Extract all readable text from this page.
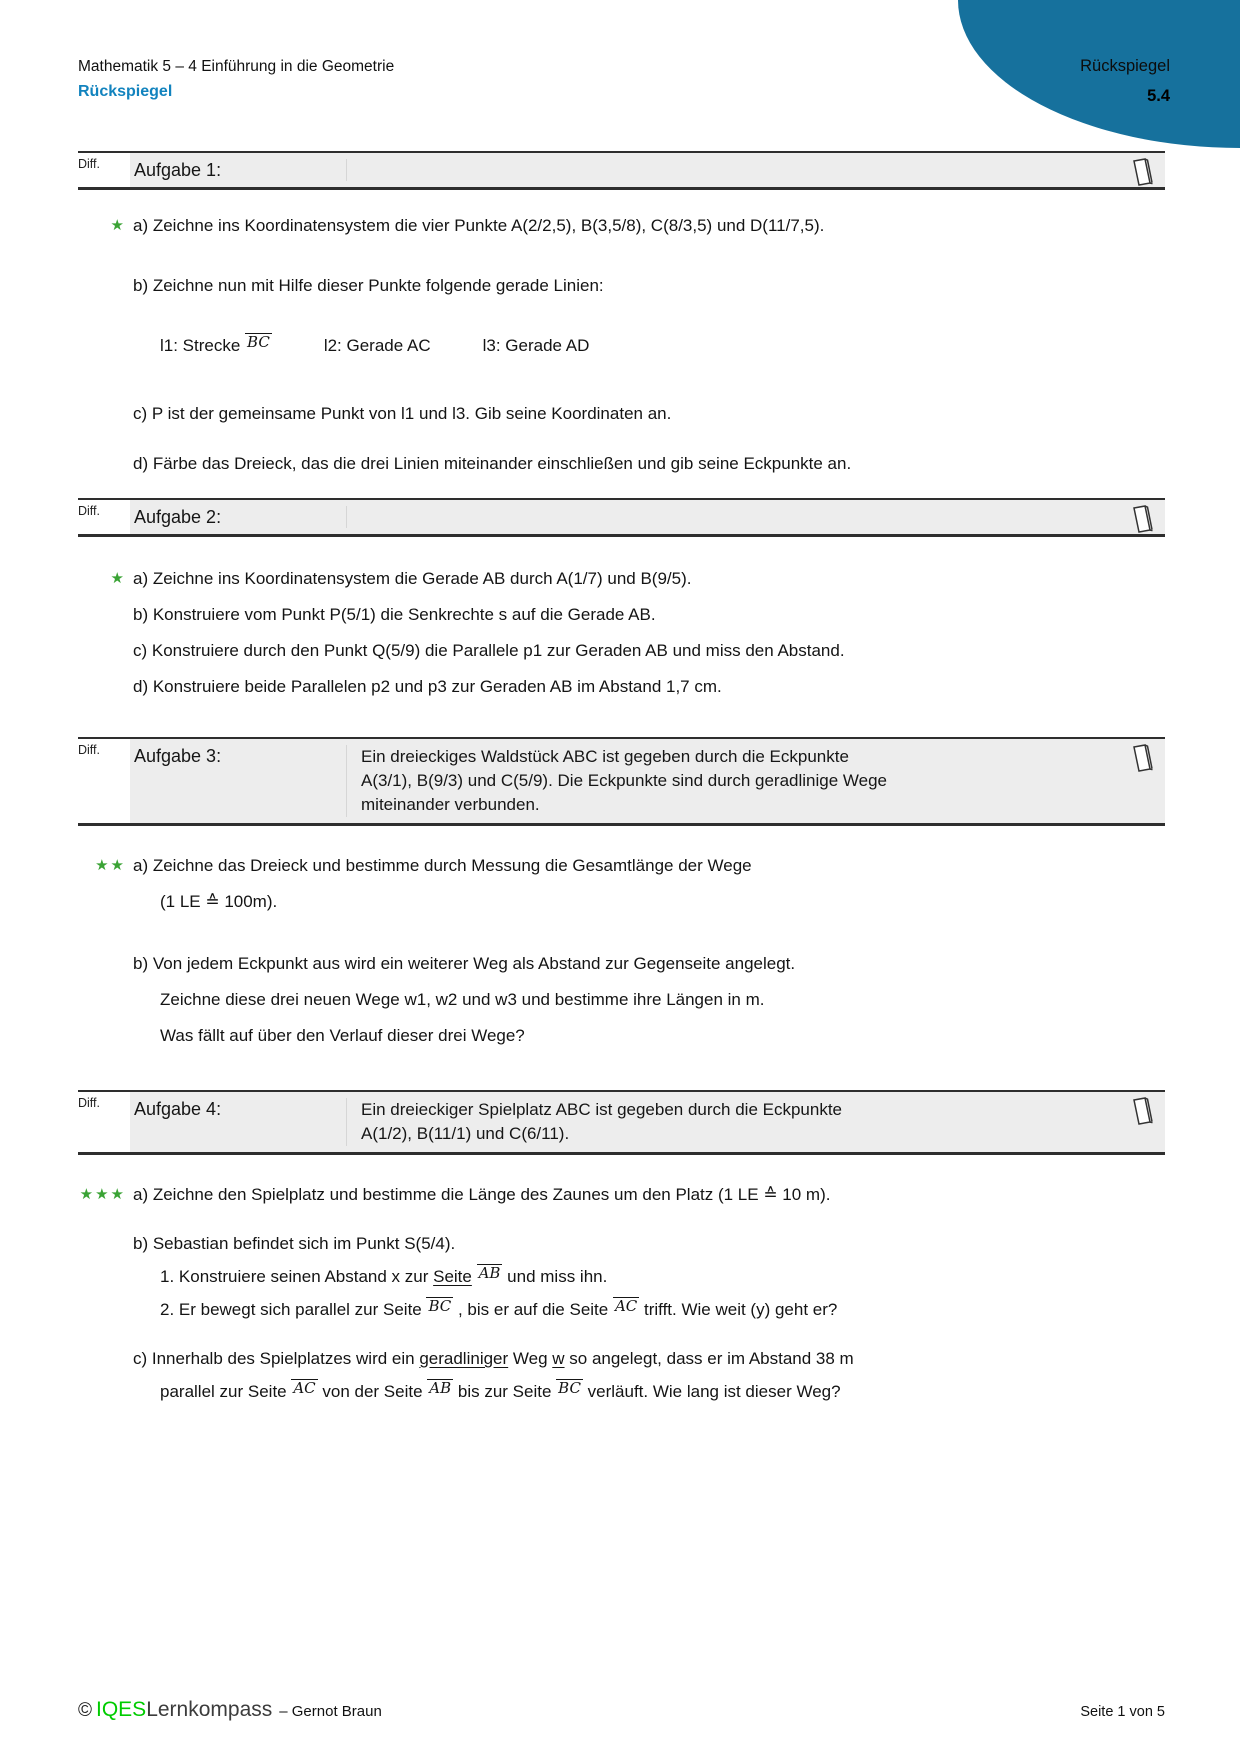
Rückspiegel
5.4
Mathematik 5 – 4 Einführung in die Geometrie
Rückspiegel
Diff.	Aufgabe 1:
★ a) Zeichne ins Koordinatensystem die vier Punkte A(2/2,5), B(3,5/8), C(8/3,5) und D(11/7,5).
b) Zeichne nun mit Hilfe dieser Punkte folgende gerade Linien:
l1: Strecke BC	l2: Gerade AC	l3: Gerade AD
c) P ist der gemeinsame Punkt von l1 und l3. Gib seine Koordinaten an.
d) Färbe das Dreieck, das die drei Linien miteinander einschließen und gib seine Eckpunkte an.
Diff.	Aufgabe 2:
★ a) Zeichne ins Koordinatensystem die Gerade AB durch A(1/7) und B(9/5).
b) Konstruiere vom Punkt P(5/1) die Senkrechte s auf die Gerade AB.
c) Konstruiere durch den Punkt Q(5/9) die Parallele p1 zur Geraden AB und miss den Abstand.
d) Konstruiere beide Parallelen p2 und p3 zur Geraden AB im Abstand 1,7 cm.
Diff.	Aufgabe 3:	Ein dreieckiges Waldstück ABC ist gegeben durch die Eckpunkte
A(3/1), B(9/3) und C(5/9). Die Eckpunkte sind durch geradlinige Wege
miteinander verbunden.
★★ a) Zeichne das Dreieck und bestimme durch Messung die Gesamtlänge der Wege
(1 LE ≙ 100m).
b) Von jedem Eckpunkt aus wird ein weiterer Weg als Abstand zur Gegenseite angelegt.
Zeichne diese drei neuen Wege w1, w2 und w3 und bestimme ihre Längen in m.
Was fällt auf über den Verlauf dieser drei Wege?
Diff.	Aufgabe 4:	Ein dreieckiger Spielplatz ABC ist gegeben durch die Eckpunkte
A(1/2), B(11/1) und C(6/11).
★★★ a) Zeichne den Spielplatz und bestimme die Länge des Zaunes um den Platz (1 LE ≙ 10 m).
b) Sebastian befindet sich im Punkt S(5/4).
1. Konstruiere seinen Abstand x zur Seite AB und miss ihn.
2. Er bewegt sich parallel zur Seite BC , bis er auf die Seite AC trifft. Wie weit (y) geht er?
c) Innerhalb des Spielplatzes wird ein geradliniger Weg w so angelegt, dass er im Abstand 38 m
parallel zur Seite AC von der Seite AB bis zur Seite BC verläuft. Wie lang ist dieser Weg?
© IQESLernkompass – Gernot Braun	Seite 1 von 5
